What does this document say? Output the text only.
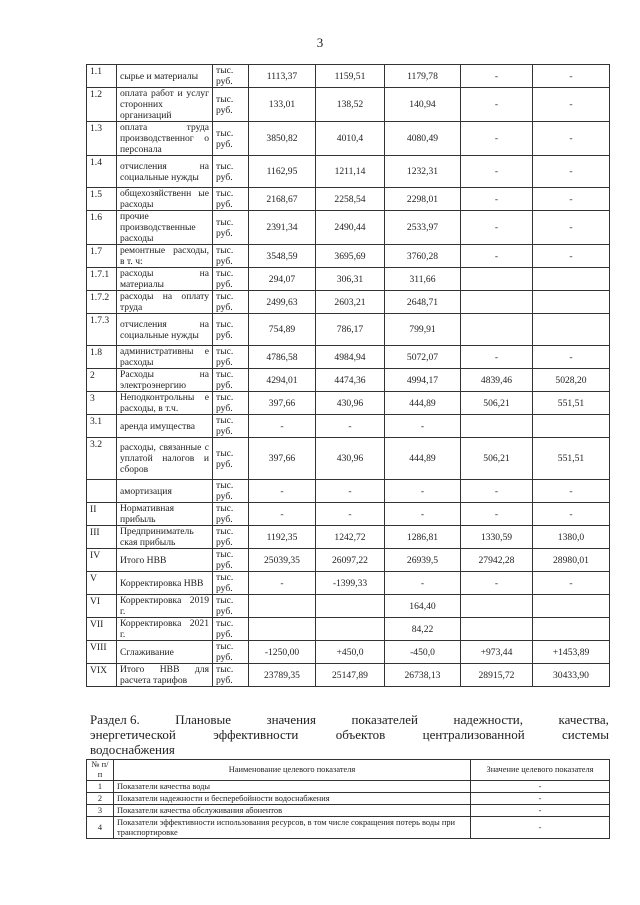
3
1.1	сырье и материалы	тыс. руб.	1113,37	1159,51	1179,78	-	-
1.2	оплата работ и услуг сторонних организаций	тыс. руб.	133,01	138,52	140,94	-	-
1.3	оплата труда производственног о персонала	тыс. руб.	3850,82	4010,4	4080,49	-	-
1.4	отчисления на социальные нужды	тыс. руб.	1162,95	1211,14	1232,31	-	-
1.5	общехозяйственн ые расходы	тыс. руб.	2168,67	2258,54	2298,01	-	-
1.6	прочие производственные расходы	тыс. руб.	2391,34	2490,44	2533,97	-	-
1.7	ремонтные расходы, в т. ч:	тыс. руб.	3548,59	3695,69	3760,28	-	-
1.7.1	расходы на материалы	тыс. руб.	294,07	306,31	311,66		
1.7.2	расходы на оплату труда	тыс. руб.	2499,63	2603,21	2648,71		
1.7.3	отчисления на социальные нужды	тыс. руб.	754,89	786,17	799,91		
1.8	административны е расходы	тыс. руб.	4786,58	4984,94	5072,07	-	-
2	Расходы на электроэнергию	тыс. руб.	4294,01	4474,36	4994,17	4839,46	5028,20
3	Неподконтрольны е расходы, в т.ч.	тыс. руб.	397,66	430,96	444,89	506,21	551,51
3.1	аренда имущества	тыс. руб.	-	-	-		
3.2	расходы, связанные с уплатой налогов и сборов	тыс. руб.	397,66	430,96	444,89	506,21	551,51
	амортизация	тыс. руб.	-	-	-	-	-
II	Нормативная прибыль	тыс. руб.	-	-	-	-	-
III	Предприниматель ская прибыль	тыс. руб.	1192,35	1242,72	1286,81	1330,59	1380,0
IV	Итого НВВ	тыс. руб.	25039,35	26097,22	26939,5	27942,28	28980,01
V	Корректировка НВВ	тыс. руб.	-	-1399,33	-	-	-
VI	Корректировка 2019 г.	тыс. руб.			164,40		
VII	Корректировка 2021 г.	тыс. руб.			84,22		
VIII	Сглаживание	тыс. руб.	-1250,00	+450,0	-450,0	+973,44	+1453,89
VIX	Итого НВВ для расчета тарифов	тыс. руб.	23789,35	25147,89	26738,13	28915,72	30433,90
Раздел 6.	Плановые	значения	показателей	надежности,	качества,
энергетической	эффективности	объектов	централизованной	системы
водоснабжения
№ п/п	Наименование целевого показателя	Значение целевого показателя
1	Показатели качества воды	-
2	Показатели надежности и бесперебойности водоснабжения	-
3	Показатели качества обслуживания абонентов	-
4	Показатели эффективности использования ресурсов, в том числе сокращения потерь воды при транспортировке	-
